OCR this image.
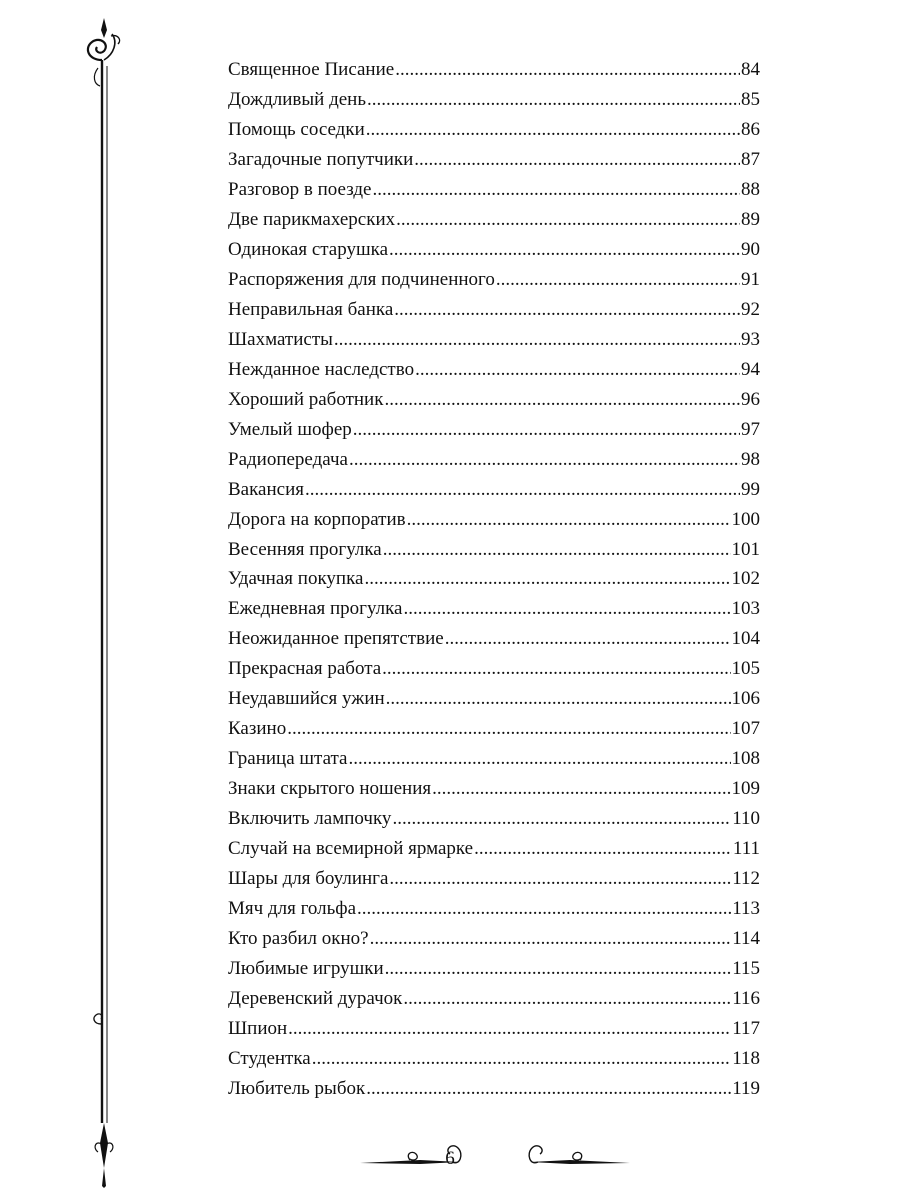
Священное Писание .....	84
Дождливый день .....	85
Помощь соседки .....	86
Загадочные попутчики .....	87
Разговор в поезде .....	88
Две парикмахерских .....	89
Одинокая старушка .....	90
Распоряжения для подчиненного .....	91
Неправильная банка .....	92
Шахматисты .....	93
Нежданное наследство .....	94
Хороший работник .....	96
Умелый шофер .....	97
Радиопередача .....	98
Вакансия .....	99
Дорога на корпоратив .....	100
Весенняя прогулка .....	101
Удачная покупка .....	102
Ежедневная прогулка .....	103
Неожиданное препятствие .....	104
Прекрасная работа .....	105
Неудавшийся ужин .....	106
Казино .....	107
Граница штата .....	108
Знаки скрытого ношения .....	109
Включить лампочку .....	110
Случай на всемирной ярмарке .....	111
Шары для боулинга .....	112
Мяч для гольфа .....	113
Кто разбил окно? .....	114
Любимые игрушки .....	115
Деревенский дурачок .....	116
Шпион .....	117
Студентка .....	118
Любитель рыбок .....	119
6
